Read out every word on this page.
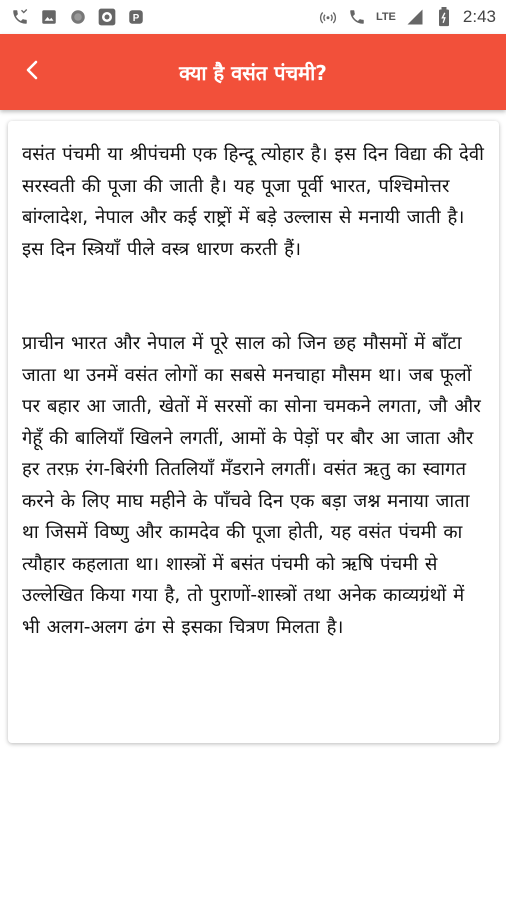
P	LTE	2:43
क्या है वसंत पंचमी?

वसंत पंचमी या श्रीपंचमी एक हिन्दू त्योहार है। इस दिन विद्या की देवी सरस्वती की पूजा की जाती है। यह पूजा पूर्वी भारत, पश्चिमोत्तर बांग्लादेश, नेपाल और कई राष्ट्रों में बड़े उल्लास से मनायी जाती है। इस दिन स्त्रियाँ पीले वस्त्र धारण करती हैं।

प्राचीन भारत और नेपाल में पूरे साल को जिन छह मौसमों में बाँटा जाता था उनमें वसंत लोगों का सबसे मनचाहा मौसम था। जब फूलों पर बहार आ जाती, खेतों में सरसों का सोना चमकने लगता, जौ और गेहूँ की बालियाँ खिलने लगतीं, आमों के पेड़ों पर बौर आ जाता और हर तरफ़ रंग-बिरंगी तितलियाँ मँडराने लगतीं। वसंत ऋतु का स्वागत करने के लिए माघ महीने के पाँचवे दिन एक बड़ा जश्न मनाया जाता था जिसमें विष्णु और कामदेव की पूजा होती, यह वसंत पंचमी का त्यौहार कहलाता था। शास्त्रों में बसंत पंचमी को ऋषि पंचमी से उल्लेखित किया गया है, तो पुराणों-शास्त्रों तथा अनेक काव्यग्रंथों में भी अलग-अलग ढंग से इसका चित्रण मिलता है।
